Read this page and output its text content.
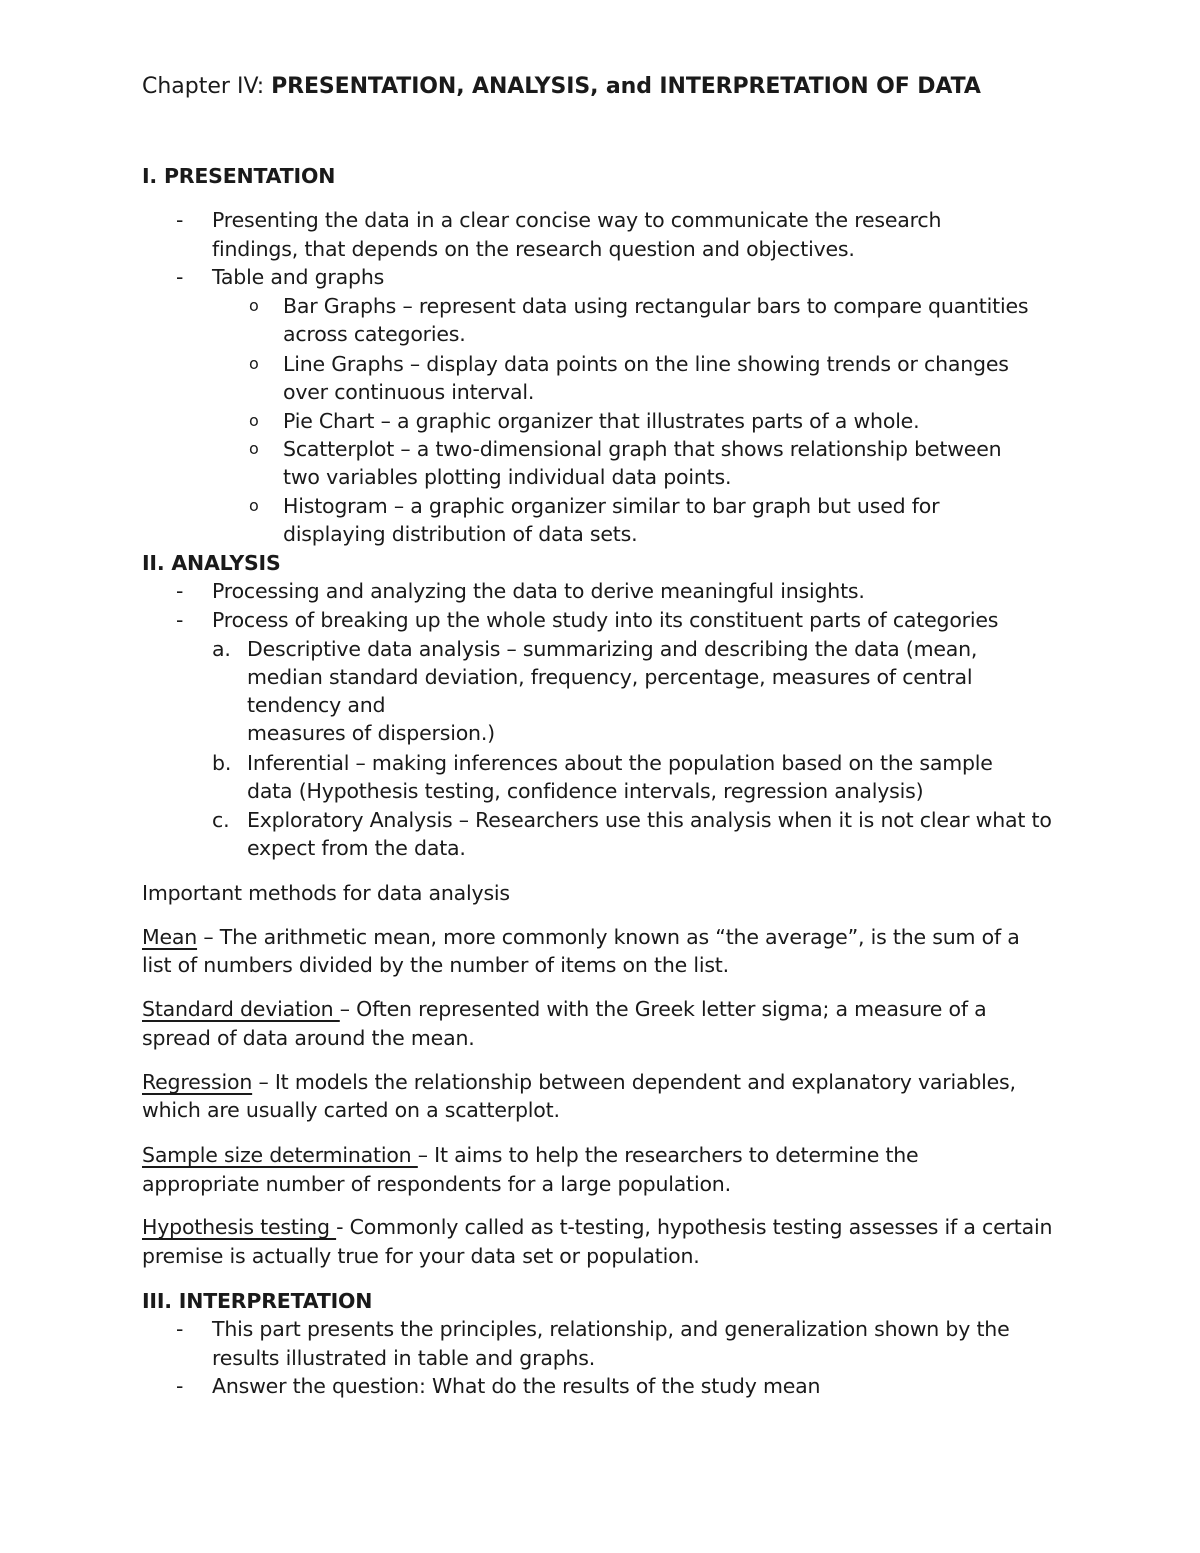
Chapter IV: PRESENTATION, ANALYSIS, and INTERPRETATION OF DATA
I. PRESENTATION
-	Presenting the data in a clear concise way to communicate the research
findings, that depends on the research question and objectives.
-	Table and graphs
o	Bar Graphs – represent data using rectangular bars to compare quantities
across categories.
o	Line Graphs – display data points on the line showing trends or changes
over continuous interval.
o	Pie Chart – a graphic organizer that illustrates parts of a whole.
o	Scatterplot – a two-dimensional graph that shows relationship between
two variables plotting individual data points.
o	Histogram – a graphic organizer similar to bar graph but used for
displaying distribution of data sets.
II. ANALYSIS
-	Processing and analyzing the data to derive meaningful insights.
-	Process of breaking up the whole study into its constituent parts of categories
a. Descriptive data analysis – summarizing and describing the data (mean,
median standard deviation, frequency, percentage, measures of central
tendency and
measures of dispersion.)
b. Inferential – making inferences about the population based on the sample
data (Hypothesis testing, confidence intervals, regression analysis)
c. Exploratory Analysis – Researchers use this analysis when it is not clear what to
expect from the data.
Important methods for data analysis
Mean – The arithmetic mean, more commonly known as “the average”, is the sum of a
list of numbers divided by the number of items on the list.
Standard deviation – Often represented with the Greek letter sigma; a measure of a
spread of data around the mean.
Regression – It models the relationship between dependent and explanatory variables,
which are usually carted on a scatterplot.
Sample size determination – It aims to help the researchers to determine the
appropriate number of respondents for a large population.
Hypothesis testing - Commonly called as t-testing, hypothesis testing assesses if a certain
premise is actually true for your data set or population.
III. INTERPRETATION
-	This part presents the principles, relationship, and generalization shown by the
results illustrated in table and graphs.
-	Answer the question: What do the results of the study mean
